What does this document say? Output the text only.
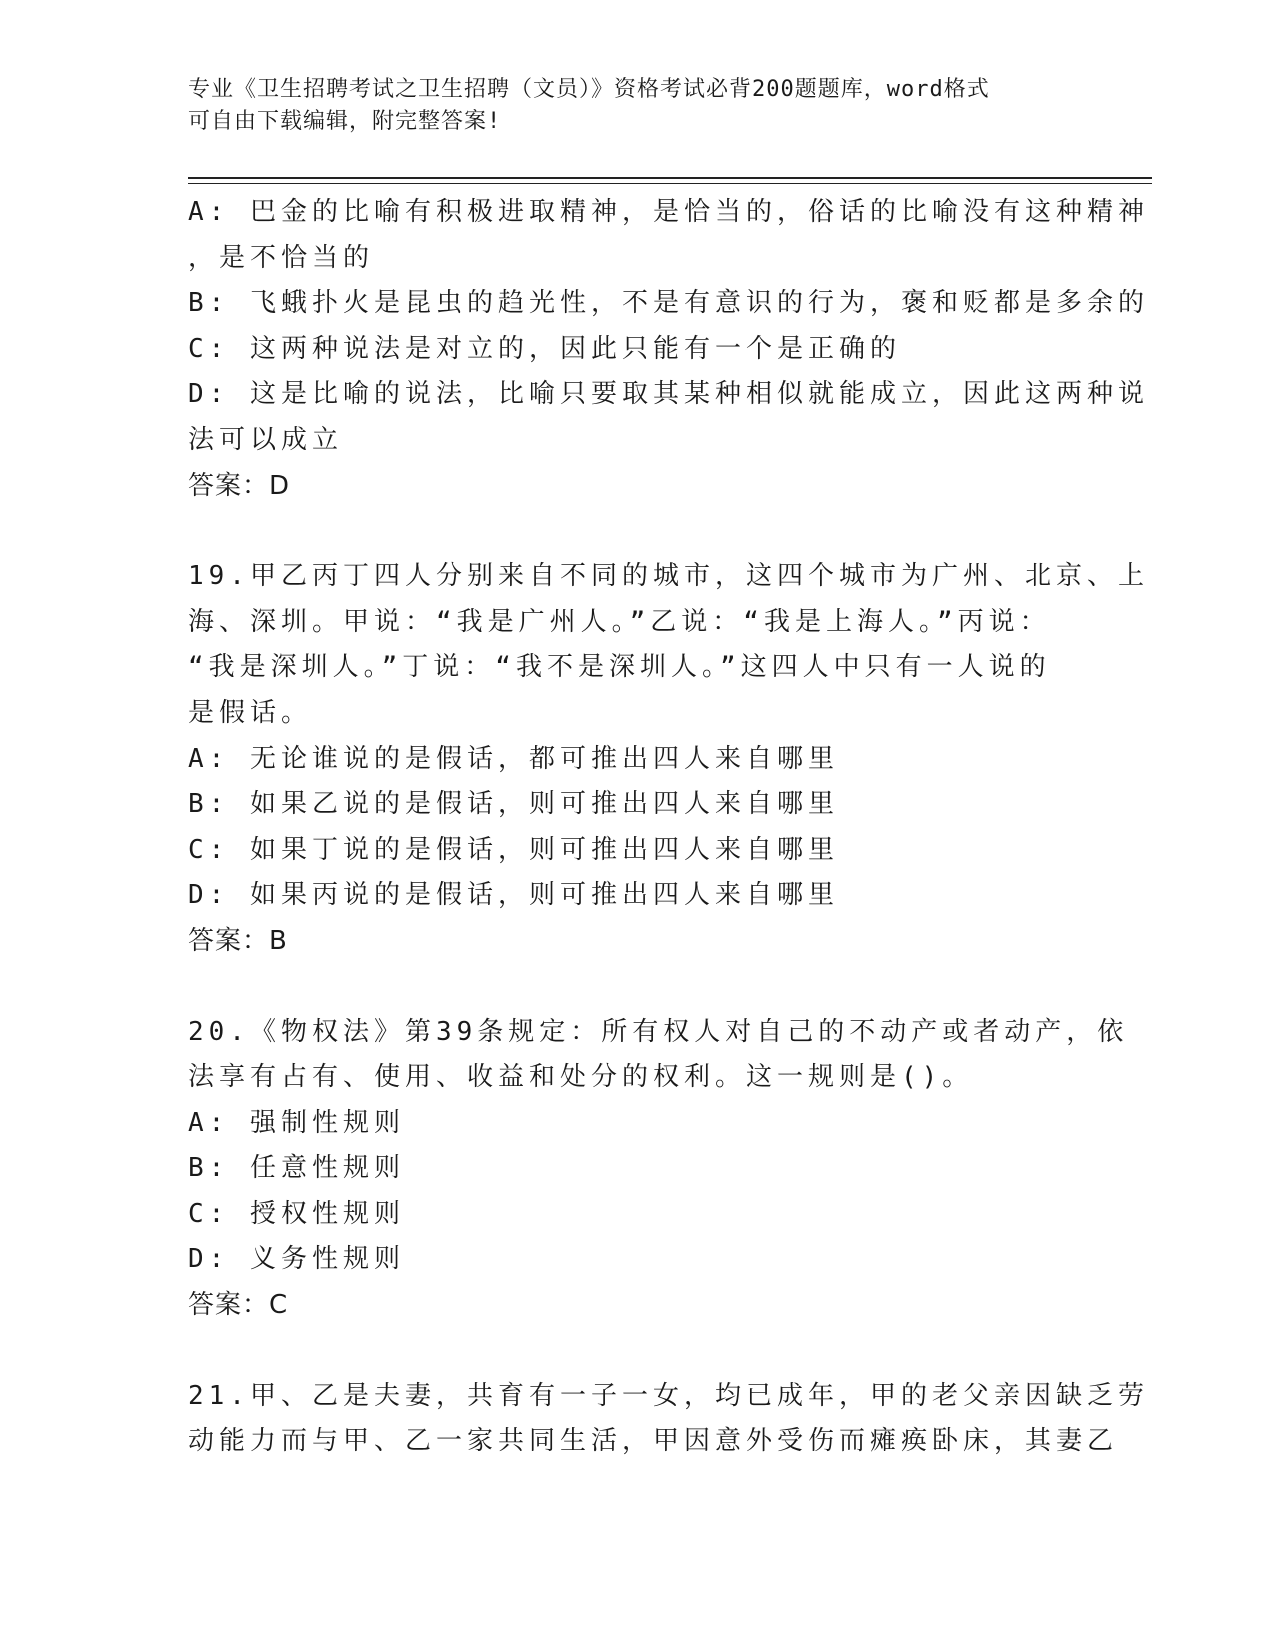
专业《卫生招聘考试之卫生招聘（文员）》资格考试必背200题题库，word格式
可自由下载编辑，附完整答案!
A: 巴金的比喻有积极进取精神，是恰当的，俗话的比喻没有这种精神
，是不恰当的
B: 飞蛾扑火是昆虫的趋光性，不是有意识的行为，褒和贬都是多余的
C: 这两种说法是对立的，因此只能有一个是正确的
D: 这是比喻的说法，比喻只要取其某种相似就能成立，因此这两种说
法可以成立
答案：D
19.甲乙丙丁四人分别来自不同的城市，这四个城市为广州、北京、上
海、深圳。甲说：“我是广州人。”乙说：“我是上海人。”丙说：
“我是深圳人。”丁说：“我不是深圳人。”这四人中只有一人说的
是假话。
A: 无论谁说的是假话，都可推出四人来自哪里
B: 如果乙说的是假话，则可推出四人来自哪里
C: 如果丁说的是假话，则可推出四人来自哪里
D: 如果丙说的是假话，则可推出四人来自哪里
答案：B
20.《物权法》第39条规定：所有权人对自己的不动产或者动产，依
法享有占有、使用、收益和处分的权利。这一规则是()。
A: 强制性规则
B: 任意性规则
C: 授权性规则
D: 义务性规则
答案：C
21.甲、乙是夫妻，共育有一子一女，均已成年，甲的老父亲因缺乏劳
动能力而与甲、乙一家共同生活，甲因意外受伤而瘫痪卧床，其妻乙
